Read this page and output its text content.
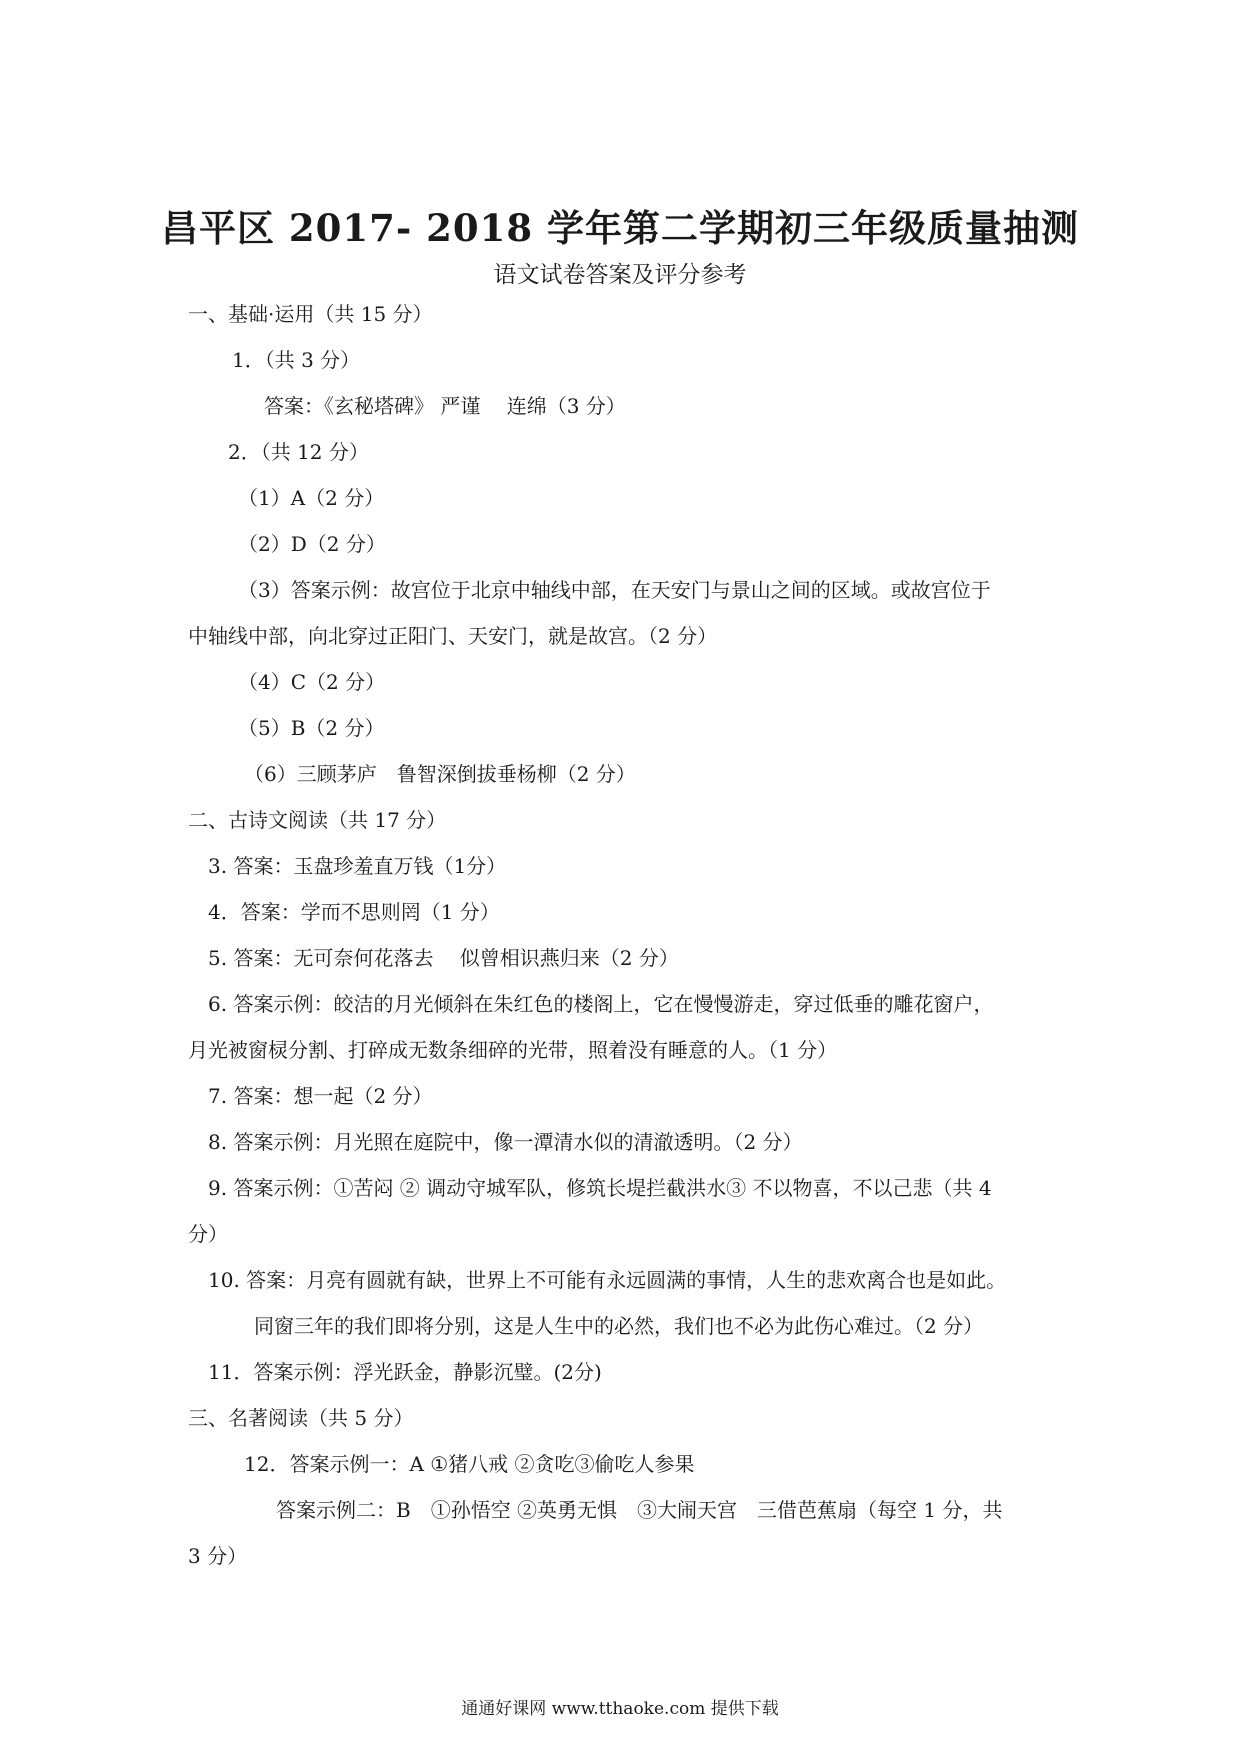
昌平区 2017- 2018 学年第二学期初三年级质量抽测
语文试卷答案及评分参考
一、基础·运用（共 15 分）
1．（共 3 分）
答案：《玄秘塔碑》 严谨　 连绵（3 分）
2．（共 12 分）
（1）A（2 分）
（2）D（2 分）
（3）答案示例：故宫位于北京中轴线中部，在天安门与景山之间的区域。或故宫位于
中轴线中部，向北穿过正阳门、天安门，就是故宫。（2 分）
（4）C（2 分）
（5）B（2 分）
（6）三顾茅庐　鲁智深倒拔垂杨柳（2 分）
二、古诗文阅读（共 17 分）
3. 答案：玉盘珍羞直万钱（1分）
4．答案：学而不思则罔（1 分）
5. 答案：无可奈何花落去　 似曾相识燕归来（2 分）
6. 答案示例：皎洁的月光倾斜在朱红色的楼阁上，它在慢慢游走，穿过低垂的雕花窗户，
月光被窗棂分割、打碎成无数条细碎的光带，照着没有睡意的人。（1 分）
7. 答案：想一起（2 分）
8. 答案示例：月光照在庭院中，像一潭清水似的清澈透明。（2 分）
9. 答案示例：①苦闷 ② 调动守城军队，修筑长堤拦截洪水③ 不以物喜，不以己悲（共 4
分）
10. 答案：月亮有圆就有缺，世界上不可能有永远圆满的事情，人生的悲欢离合也是如此。
同窗三年的我们即将分别，这是人生中的必然，我们也不必为此伤心难过。（2 分）
11．答案示例：浮光跃金，静影沉璧。(2分)
三、名著阅读（共 5 分）
12．答案示例一：A ①猪八戒 ②贪吃③偷吃人参果
答案示例二：B　①孙悟空 ②英勇无惧　③大闹天宫　三借芭蕉扇（每空 1 分，共
3 分）
通通好课网 www.tthaoke.com 提供下载
